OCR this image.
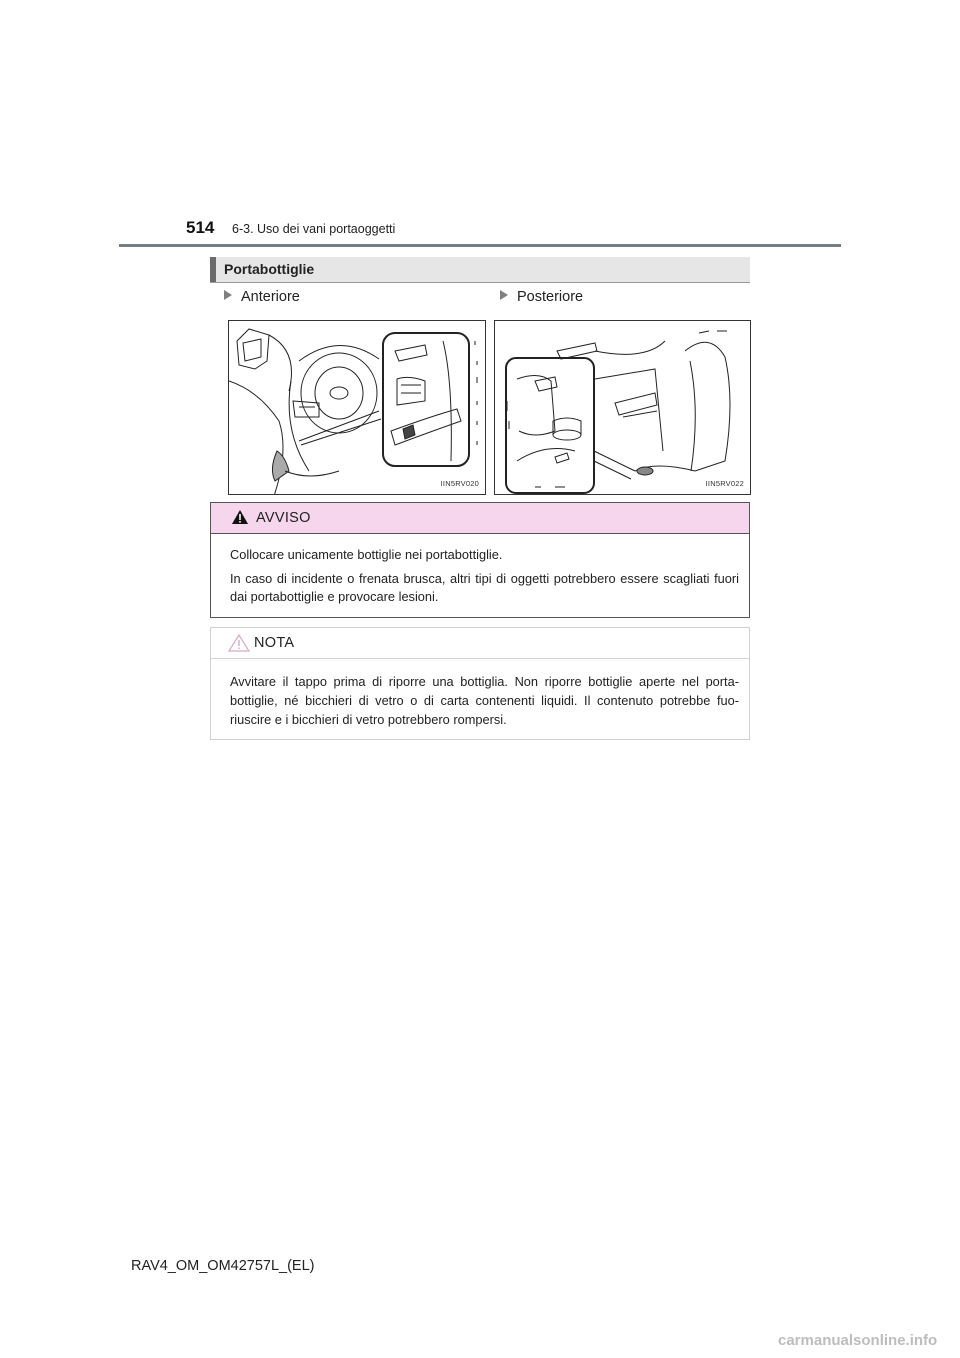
514 6-3. Uso dei vani portaoggetti
Portabottiglie
Anteriore	Posteriore
IIN5RV020	IIN5RV022
AVVISO

Collocare unicamente bottiglie nei portabottiglie.

In caso di incidente o frenata brusca, altri tipi di oggetti potrebbero essere scagliati fuori dai portabottiglie e provocare lesioni.

NOTA

Avvitare il tappo prima di riporre una bottiglia. Non riporre bottiglie aperte nel porta-bottiglie, né bicchieri di vetro o di carta contenenti liquidi. Il contenuto potrebbe fuo-riuscire e i bicchieri di vetro potrebbero rompersi.

RAV4_OM_OM42757L_(EL)
carmanualsonline.info
